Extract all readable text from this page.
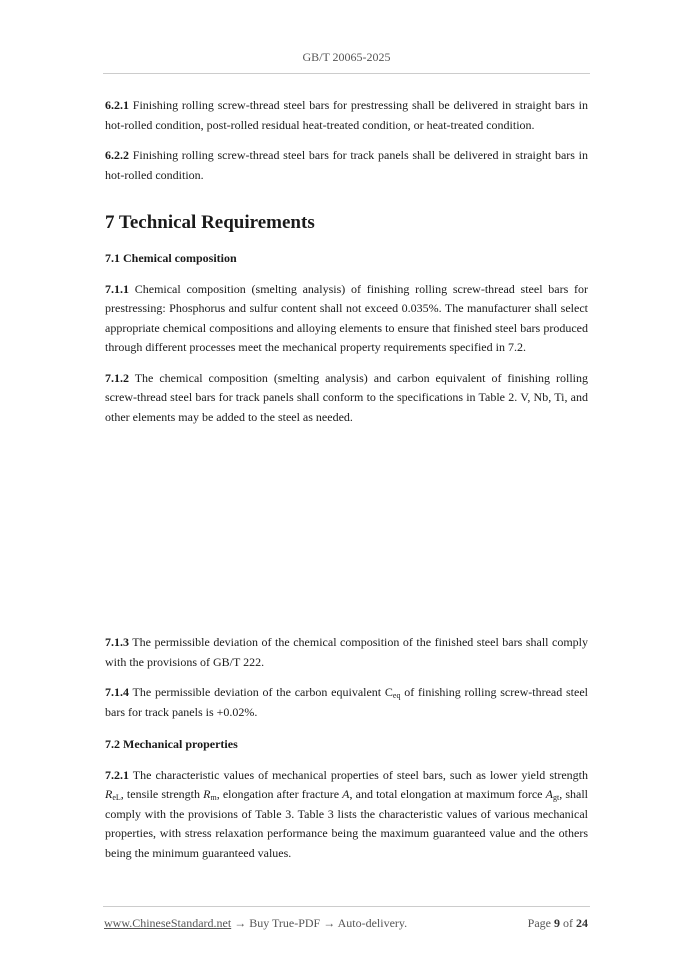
GB/T 20065-2025

6.2.1 Finishing rolling screw-thread steel bars for prestressing shall be delivered in straight bars in hot-rolled condition, post-rolled residual heat-treated condition, or heat-treated condition.

6.2.2 Finishing rolling screw-thread steel bars for track panels shall be delivered in straight bars in hot-rolled condition.

7 Technical Requirements

7.1 Chemical composition

7.1.1 Chemical composition (smelting analysis) of finishing rolling screw-thread steel bars for prestressing: Phosphorus and sulfur content shall not exceed 0.035%. The manufacturer shall select appropriate chemical compositions and alloying elements to ensure that finished steel bars produced through different processes meet the mechanical property requirements specified in 7.2.

7.1.2 The chemical composition (smelting analysis) and carbon equivalent of finishing rolling screw-thread steel bars for track panels shall conform to the specifications in Table 2. V, Nb, Ti, and other elements may be added to the steel as needed.

7.1.3 The permissible deviation of the chemical composition of the finished steel bars shall comply with the provisions of GB/T 222.

7.1.4 The permissible deviation of the carbon equivalent $C_{eq}$ of finishing rolling screw-thread steel bars for track panels is +0.02%.

7.2 Mechanical properties

7.2.1 The characteristic values of mechanical properties of steel bars, such as lower yield strength $R_{eL}$, tensile strength $R_m$, elongation after fracture A, and total elongation at maximum force $A_{gt}$, shall comply with the provisions of Table 3. Table 3 lists the characteristic values of various mechanical properties, with stress relaxation performance being the maximum guaranteed value and the others being the minimum guaranteed values.

www.ChineseStandard.net → Buy True-PDF → Auto-delivery.	Page 9 of 24
